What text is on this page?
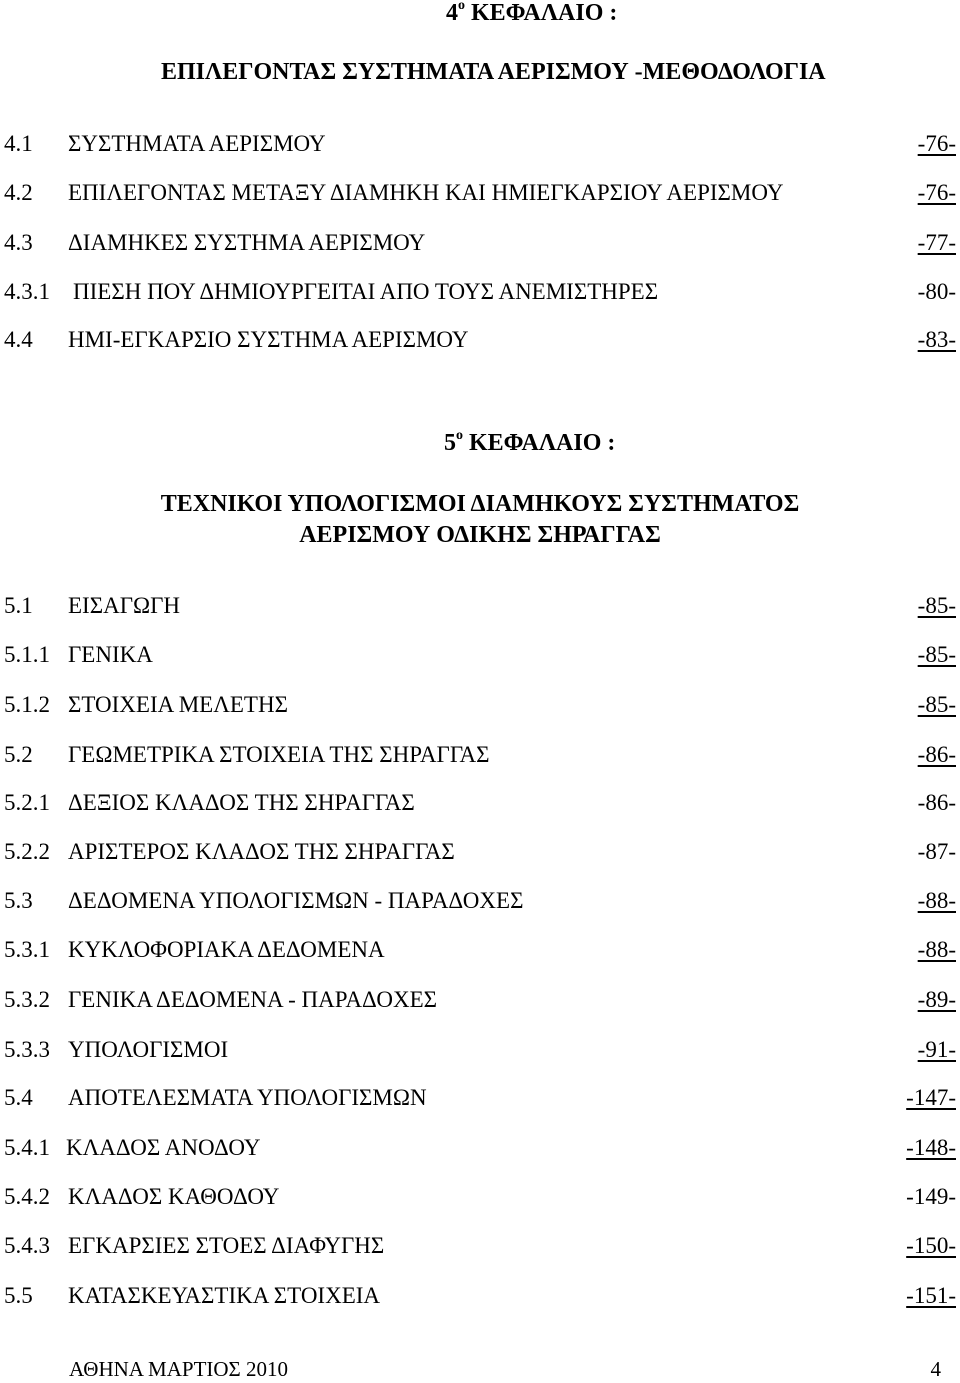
$4^o$ ΚΕΦΑΛΑΙΟ :
ΕΠΙΛΕΓΟΝΤΑΣ ΣΥΣΤΗΜΑΤΑ ΑΕΡΙΣΜΟΥ -ΜΕΘΟΔΟΛΟΓΙΑ
4.1 ΣΥΣΤΗΜΑΤΑ ΑΕΡΙΣΜΟΥ	-76-
4.2 ΕΠΙΛΕΓΟΝΤΑΣ ΜΕΤΑΞΥ ΔΙΑΜΗΚΗ ΚΑΙ ΗΜΙΕΓΚΑΡΣΙΟΥ ΑΕΡΙΣΜΟΥ	-76-
4.3 ΔΙΑΜΗΚΕΣ ΣΥΣΤΗΜΑ ΑΕΡΙΣΜΟΥ	-77-
4.3.1 ΠΙΕΣΗ ΠΟΥ ΔΗΜΙΟΥΡΓΕΙΤΑΙ ΑΠΟ ΤΟΥΣ ΑΝΕΜΙΣΤΗΡΕΣ	-80-
4.4 ΗΜΙ-ΕΓΚΑΡΣΙΟ ΣΥΣΤΗΜΑ ΑΕΡΙΣΜΟΥ	-83-
$5^o$ ΚΕΦΑΛΑΙΟ :
ΤΕΧΝΙΚΟΙ ΥΠΟΛΟΓΙΣΜΟΙ ΔΙΑΜΗΚΟΥΣ ΣΥΣΤΗΜΑΤΟΣ
ΑΕΡΙΣΜΟΥ ΟΔΙΚΗΣ ΣΗΡΑΓΓΑΣ
5.1 ΕΙΣΑΓΩΓΗ	-85-
5.1.1 ΓΕΝΙΚΑ	-85-
5.1.2 ΣΤΟΙΧΕΙΑ ΜΕΛΕΤΗΣ	-85-
5.2 ΓΕΩΜΕΤΡΙΚΑ ΣΤΟΙΧΕΙΑ ΤΗΣ ΣΗΡΑΓΓΑΣ	-86-
5.2.1 ΔΕΞΙΟΣ ΚΛΑΔΟΣ ΤΗΣ ΣΗΡΑΓΓΑΣ	-86-
5.2.2 ΑΡΙΣΤΕΡΟΣ ΚΛΑΔΟΣ ΤΗΣ ΣΗΡΑΓΓΑΣ	-87-
5.3 ΔΕΔΟΜΕΝΑ ΥΠΟΛΟΓΙΣΜΩΝ - ΠΑΡΑΔΟΧΕΣ	-88-
5.3.1 ΚΥΚΛΟΦΟΡΙΑΚΑ ΔΕΔΟΜΕΝΑ	-88-
5.3.2 ΓΕΝΙΚΑ ΔΕΔΟΜΕΝΑ - ΠΑΡΑΔΟΧΕΣ	-89-
5.3.3 ΥΠΟΛΟΓΙΣΜΟΙ	-91-
5.4 ΑΠΟΤΕΛΕΣΜΑΤΑ ΥΠΟΛΟΓΙΣΜΩΝ	-147-
5.4.1 ΚΛΑΔΟΣ ΑΝΟΔΟΥ	-148-
5.4.2 ΚΛΑΔΟΣ ΚΑΘΟΔΟΥ	-149-
5.4.3 ΕΓΚΑΡΣΙΕΣ ΣΤΟΕΣ ΔΙΑΦΥΓΗΣ	-150-
5.5 ΚΑΤΑΣΚΕΥΑΣΤΙΚΑ ΣΤΟΙΧΕΙΑ	-151-
ΑΘΗΝΑ ΜΑΡΤΙΟΣ 2010	4
